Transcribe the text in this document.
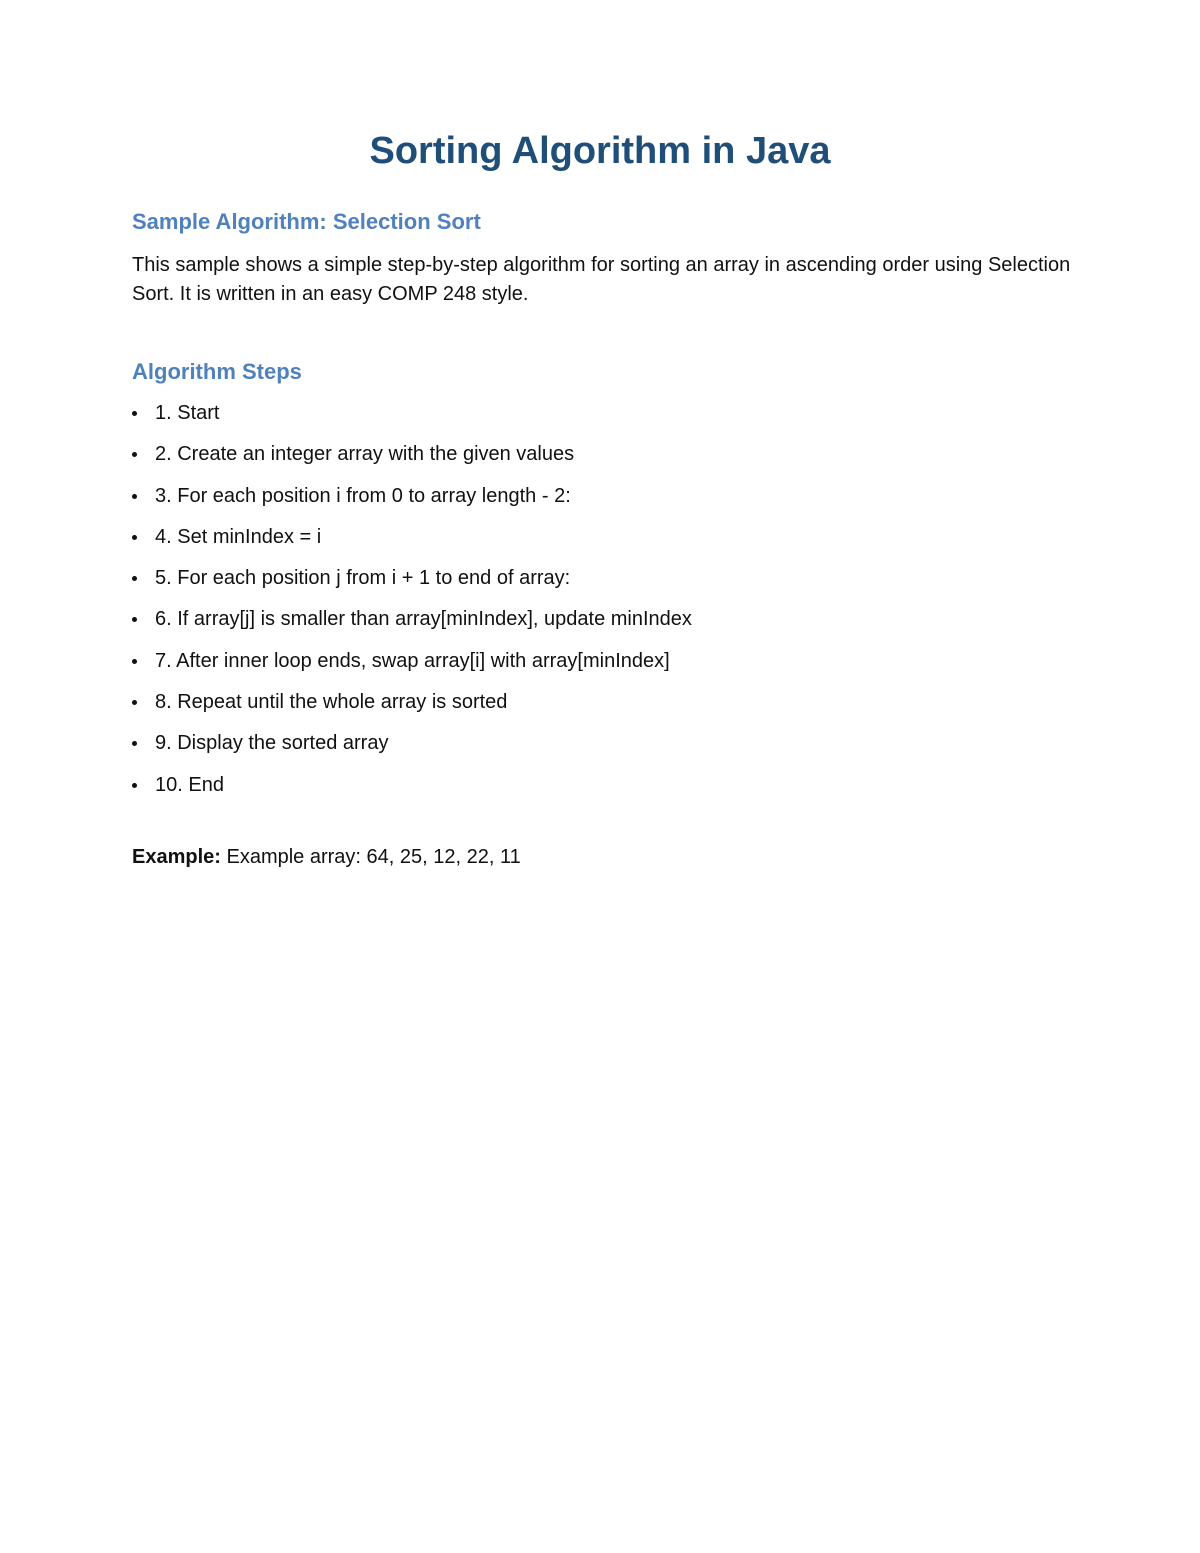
Sorting Algorithm in Java
Sample Algorithm: Selection Sort

This sample shows a simple step-by-step algorithm for sorting an array in ascending order using Selection Sort. It is written in an easy COMP 248 style.

Algorithm Steps
1. Start
2. Create an integer array with the given values
3. For each position i from 0 to array length - 2:
4. Set minIndex = i
5. For each position j from i + 1 to end of array:
6. If array[j] is smaller than array[minIndex], update minIndex
7. After inner loop ends, swap array[i] with array[minIndex]
8. Repeat until the whole array is sorted
9. Display the sorted array
10. End

Example: Example array: 64, 25, 12, 22, 11
